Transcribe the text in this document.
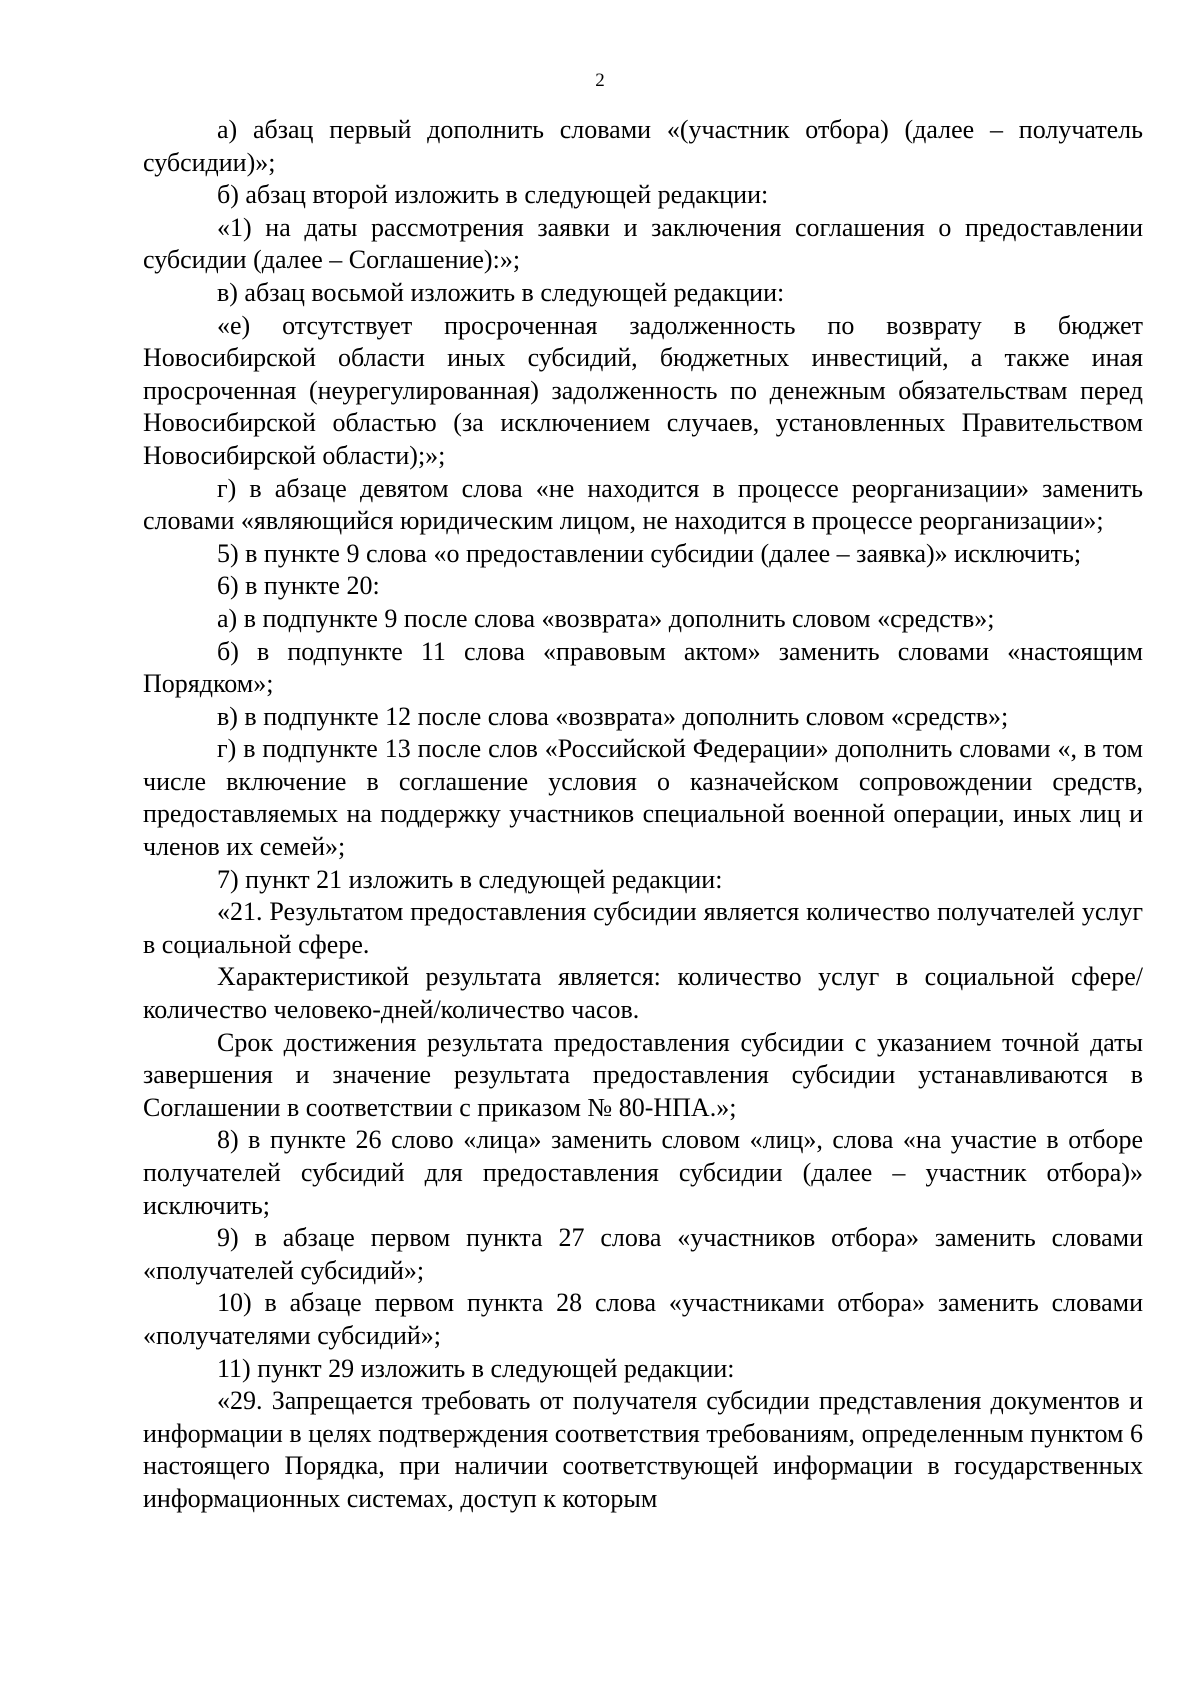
2

а) абзац первый дополнить словами «(участник отбора) (далее – получатель субсидии)»;

б) абзац второй изложить в следующей редакции:

«1) на даты рассмотрения заявки и заключения соглашения о предоставлении субсидии (далее – Соглашение):»;

в) абзац восьмой изложить в следующей редакции:

«е) отсутствует просроченная задолженность по возврату в бюджет Новосибирской области иных субсидий, бюджетных инвестиций, а также иная просроченная (неурегулированная) задолженность по денежным обязательствам перед Новосибирской областью (за исключением случаев, установленных Правительством Новосибирской области);»;

г) в абзаце девятом слова «не находится в процессе реорганизации» заменить словами «являющийся юридическим лицом, не находится в процессе реорганизации»;

5) в пункте 9 слова «о предоставлении субсидии (далее – заявка)» исключить;

6) в пункте 20:

а) в подпункте 9 после слова «возврата» дополнить словом «средств»;

б) в подпункте 11 слова «правовым актом» заменить словами «настоящим Порядком»;

в) в подпункте 12 после слова «возврата» дополнить словом «средств»;

г) в подпункте 13 после слов «Российской Федерации» дополнить словами «, в том числе включение в соглашение условия о казначейском сопровождении средств, предоставляемых на поддержку участников специальной военной операции, иных лиц и членов их семей»;

7) пункт 21 изложить в следующей редакции:

«21. Результатом предоставления субсидии является количество получателей услуг в социальной сфере.

Характеристикой результата является: количество услуг в социальной сфере/количество человеко-дней/количество часов.

Срок достижения результата предоставления субсидии с указанием точной даты завершения и значение результата предоставления субсидии устанавливаются в Соглашении в соответствии с приказом № 80-НПА.»;

8) в пункте 26 слово «лица» заменить словом «лиц», слова «на участие в отборе получателей субсидий для предоставления субсидии (далее – участник отбора)» исключить;

9) в абзаце первом пункта 27 слова «участников отбора» заменить словами «получателей субсидий»;

10) в абзаце первом пункта 28 слова «участниками отбора» заменить словами «получателями субсидий»;

11) пункт 29 изложить в следующей редакции:

«29. Запрещается требовать от получателя субсидии представления документов и информации в целях подтверждения соответствия требованиям, определенным пунктом 6 настоящего Порядка, при наличии соответствующей информации в государственных информационных системах, доступ к которым
